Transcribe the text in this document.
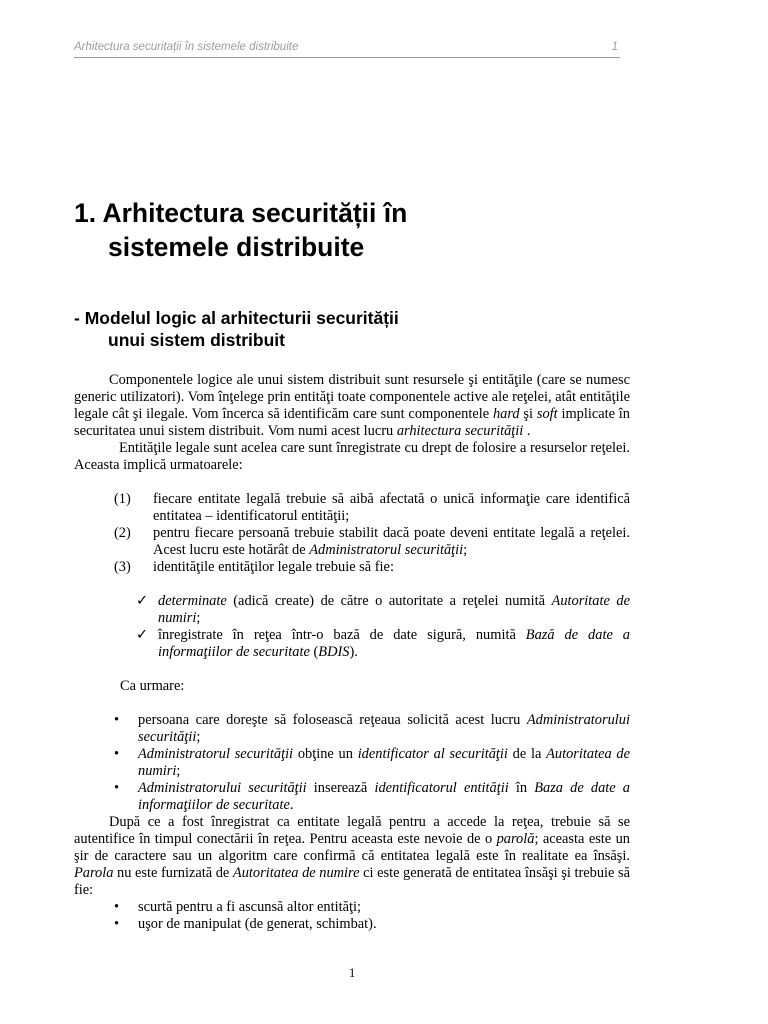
Arhitectura securitații în sistemele distribuite	1
1. Arhitectura securității în
sistemele distribuite
- Modelul logic al arhitecturii securității
unui sistem distribuit

Componentele logice ale unui sistem distribuit sunt resursele şi entităţile (care se numesc generic utilizatori). Vom înţelege prin entităţi toate componentele active ale reţelei, atât entităţile legale cât şi ilegale. Vom încerca să identificăm care sunt componentele hard şi soft implicate în securitatea unui sistem distribuit. Vom numi acest lucru arhitectura securităţii .

Entităţile legale sunt acelea care sunt înregistrate cu drept de folosire a resurselor reţelei. Aceasta implică urmatoarele:

(1)	fiecare entitate legală trebuie să aibă afectată o unică informaţie care identifică entitatea – identificatorul entităţii;

(2)	pentru fiecare persoană trebuie stabilit dacă poate deveni entitate legală a reţelei. Acest lucru este hotărât de Administratorul securităţii;

(3)	identităţile entităţilor legale trebuie să fie:

✓ determinate (adică create) de către o autoritate a reţelei numită Autoritate de numiri;
✓ înregistrate în reţea într-o bază de date sigură, numită Bază de date a informaţiilor de securitate (BDIS).

Ca urmare:

•	persoana care doreşte să folosească reţeaua solicită acest lucru Administratorului securităţii;
•	Administratorul securităţii obţine un identificator al securităţii de la Autoritatea de numiri;
•	Administratorului securităţii inserează identificatorul entităţii în Baza de date a informaţiilor de securitate.

După ce a fost înregistrat ca entitate legală pentru a accede la reţea, trebuie să se autentifice în timpul conectării în reţea. Pentru aceasta este nevoie de o parolă; aceasta este un şir de caractere sau un algoritm care confirmă că entitatea legală este în realitate ea însăşi. Parola nu este furnizată de Autoritatea de numire ci este generată de entitatea însăşi şi trebuie să fie:

•	scurtă pentru a fi ascunsă altor entităţi;
•	uşor de manipulat (de generat, schimbat).
1
